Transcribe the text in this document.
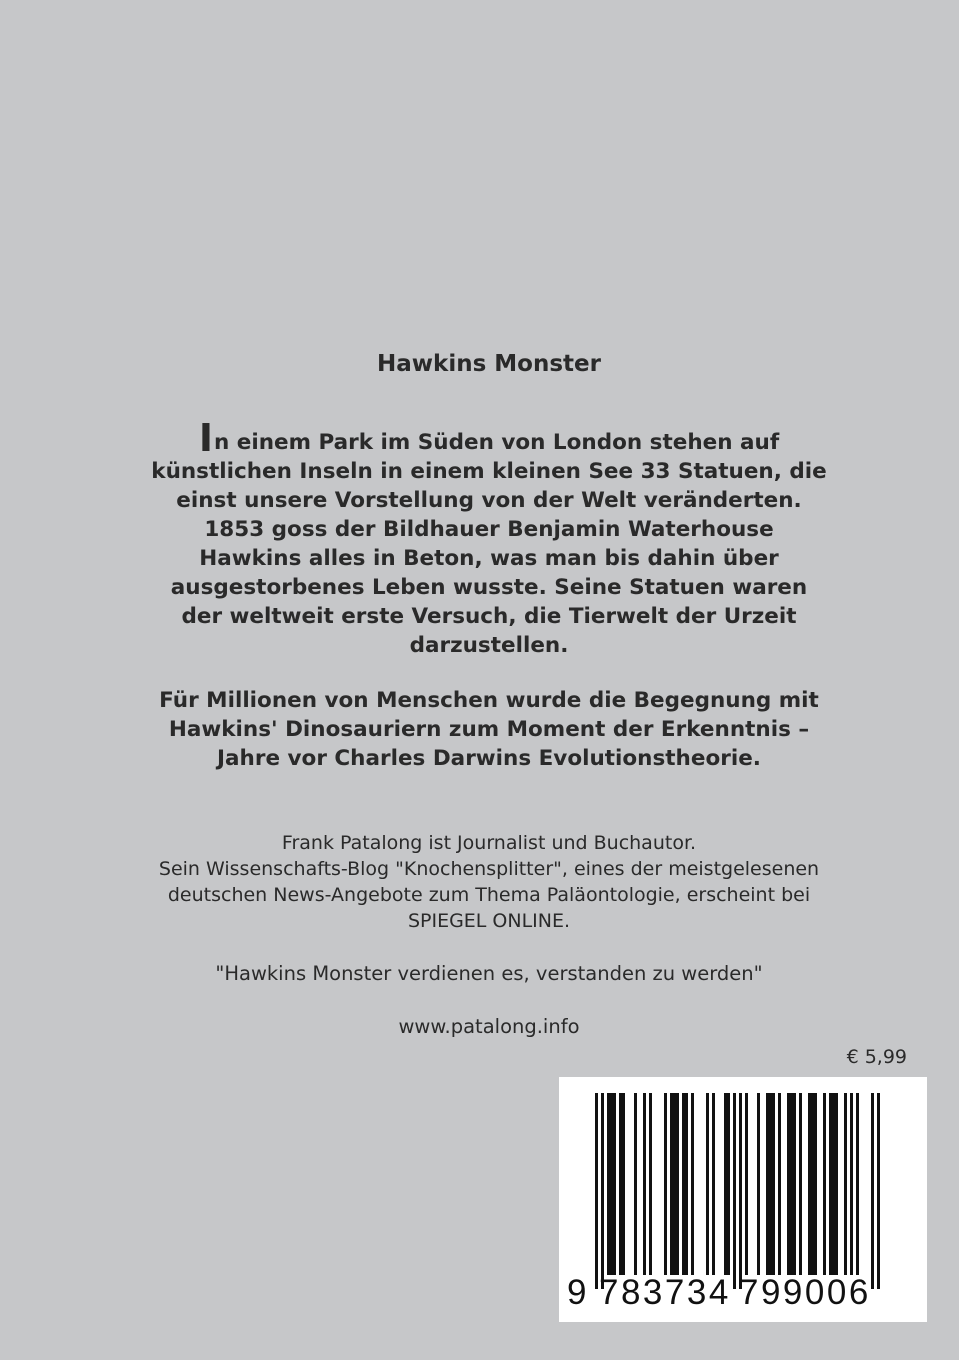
Hawkins Monster

In einem Park im Süden von London stehen auf künstlichen Inseln in einem kleinen See 33 Statuen, die einst unsere Vorstellung von der Welt veränderten. 1853 goss der Bildhauer Benjamin Waterhouse Hawkins alles in Beton, was man bis dahin über ausgestorbenes Leben wusste. Seine Statuen waren der weltweit erste Versuch, die Tierwelt der Urzeit darzustellen.

Für Millionen von Menschen wurde die Begegnung mit Hawkins' Dinosauriern zum Moment der Erkenntnis – Jahre vor Charles Darwins Evolutionstheorie.

Frank Patalong ist Journalist und Buchautor.

Sein Wissenschafts-Blog "Knochensplitter", eines der meistgelesenen deutschen News-Angebote zum Thema Paläontologie, erscheint bei SPIEGEL ONLINE.

"Hawkins Monster verdienen es, verstanden zu werden"
www.patalong.info
€ 5,99
9 783734 799006
